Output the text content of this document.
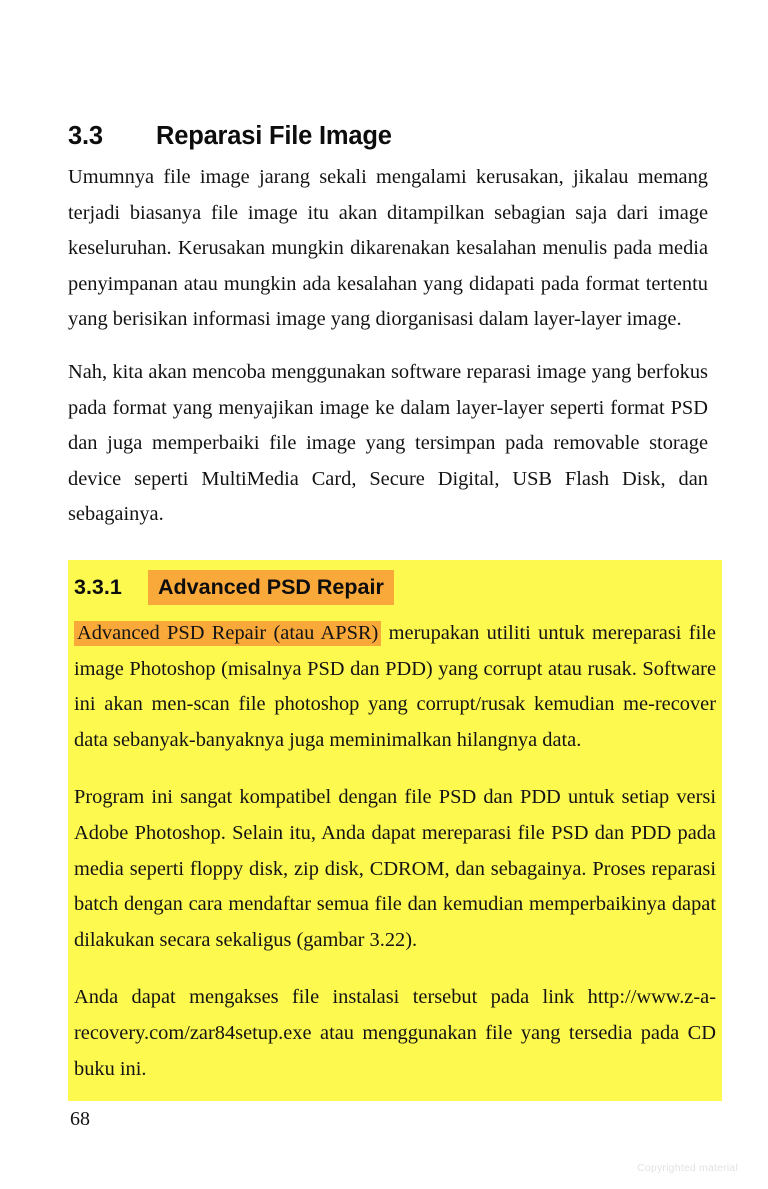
3.3 Reparasi File Image

Umumnya file image jarang sekali mengalami kerusakan, jikalau memang terjadi biasanya file image itu akan ditampilkan sebagian saja dari image keseluruhan. Kerusakan mungkin dikarenakan kesalahan menulis pada media penyimpanan atau mungkin ada kesalahan yang didapati pada format tertentu yang berisikan informasi image yang diorganisasi dalam layer-layer image.

Nah, kita akan mencoba menggunakan software reparasi image yang berfokus pada format yang menyajikan image ke dalam layer-layer seperti format PSD dan juga memperbaiki file image yang tersimpan pada removable storage device seperti MultiMedia Card, Secure Digital, USB Flash Disk, dan sebagainya.

3.3.1 Advanced PSD Repair

Advanced PSD Repair (atau APSR) merupakan utiliti untuk mereparasi file image Photoshop (misalnya PSD dan PDD) yang corrupt atau rusak. Software ini akan men-scan file photoshop yang corrupt/rusak kemudian me-recover data sebanyak-banyaknya juga meminimalkan hilangnya data.

Program ini sangat kompatibel dengan file PSD dan PDD untuk setiap versi Adobe Photoshop. Selain itu, Anda dapat mereparasi file PSD dan PDD pada media seperti floppy disk, zip disk, CDROM, dan sebagainya. Proses reparasi batch dengan cara mendaftar semua file dan kemudian memperbaikinya dapat dilakukan secara sekaligus (gambar 3.22).

Anda dapat mengakses file instalasi tersebut pada link http://www.z-a-recovery.com/zar84setup.exe atau menggunakan file yang tersedia pada CD buku ini.

68
Copyrighted material
